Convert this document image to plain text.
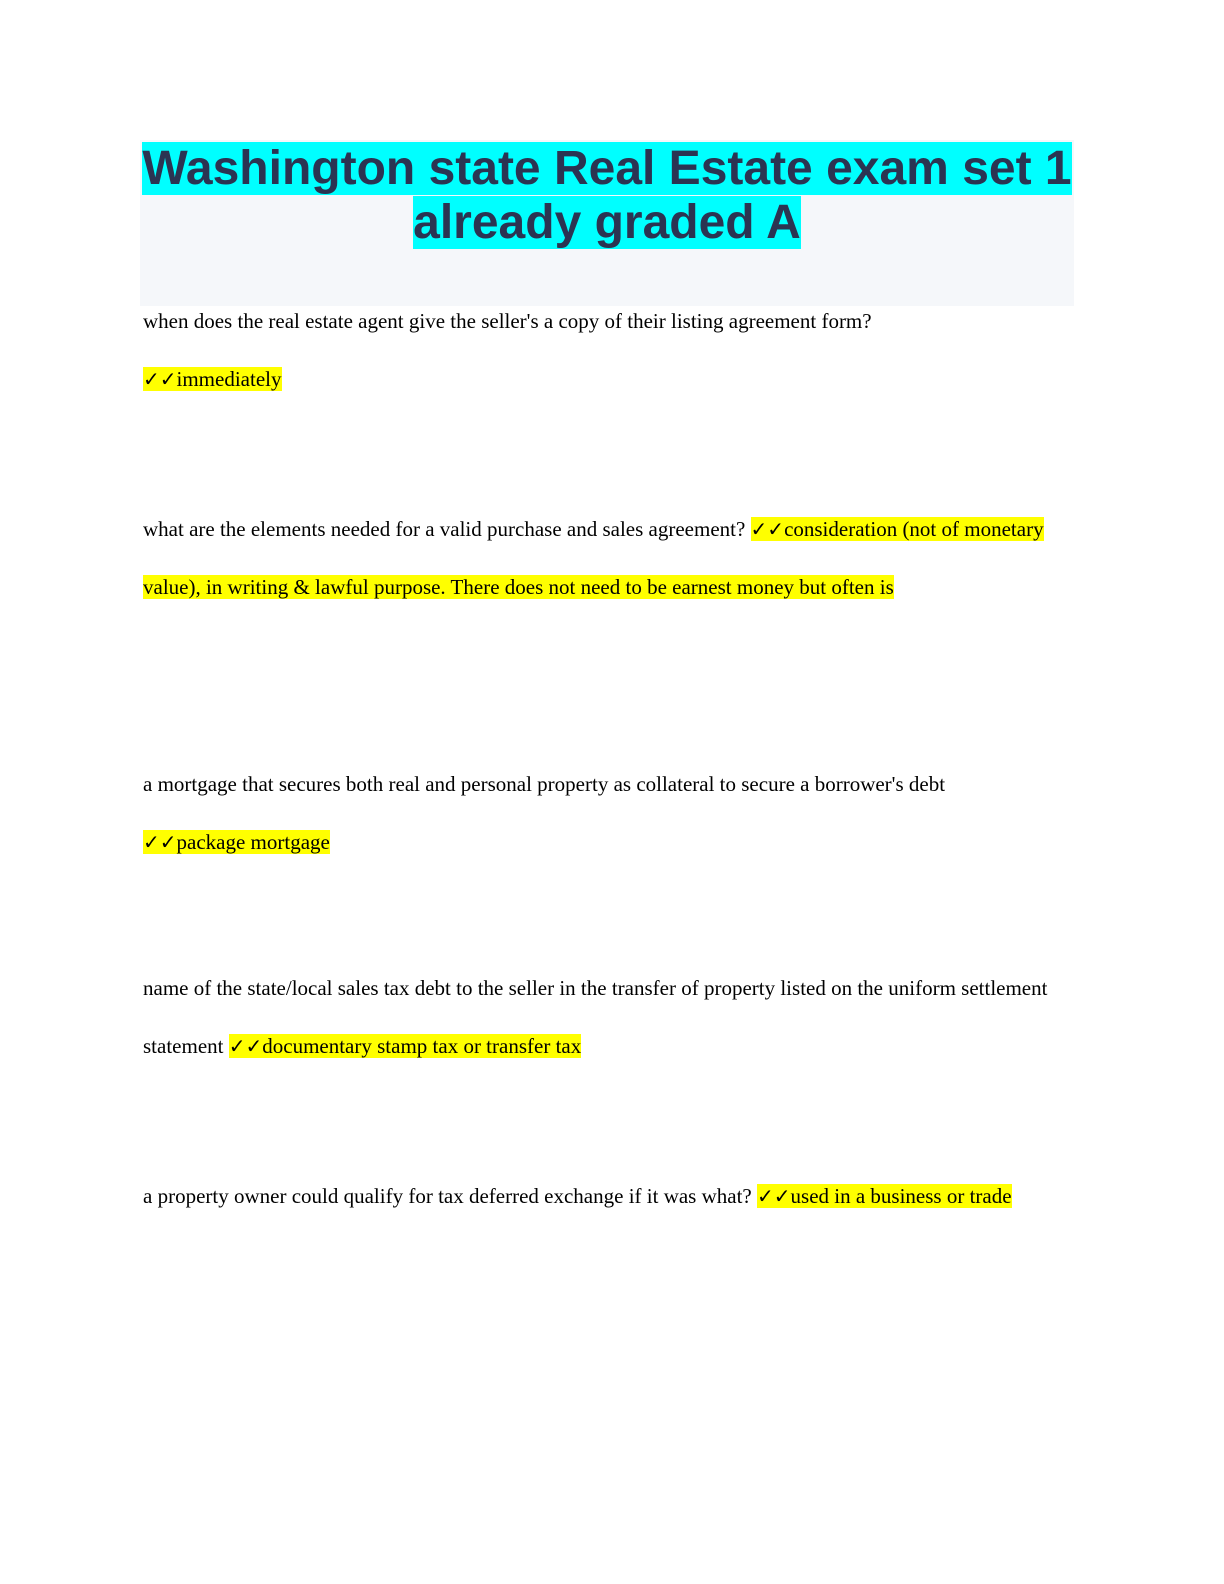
Washington state Real Estate exam set 1
already graded A

when does the real estate agent give the seller's a copy of their listing agreement form?
✓✓immediately

what are the elements needed for a valid purchase and sales agreement? ✓✓consideration (not of monetary value), in writing & lawful purpose. There does not need to be earnest money but often is

a mortgage that secures both real and personal property as collateral to secure a borrower's debt
✓✓package mortgage

name of the state/local sales tax debt to the seller in the transfer of property listed on the uniform settlement statement ✓✓documentary stamp tax or transfer tax

a property owner could qualify for tax deferred exchange if it was what? ✓✓used in a business or trade
